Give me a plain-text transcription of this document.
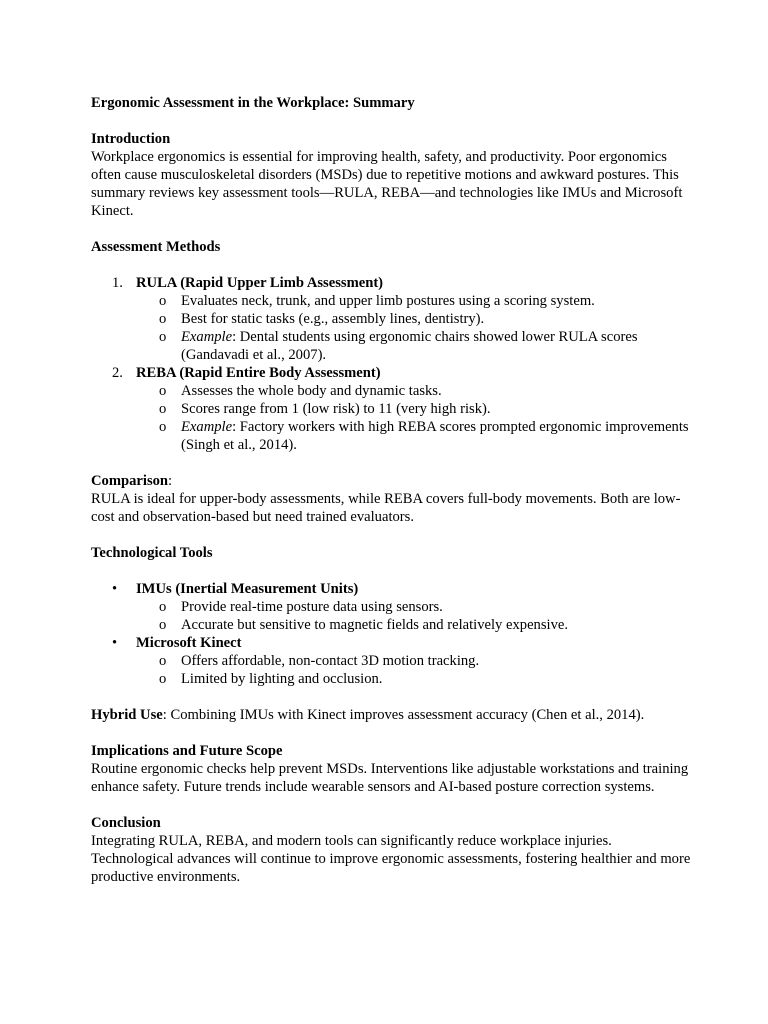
Ergonomic Assessment in the Workplace: Summary

Introduction

Workplace ergonomics is essential for improving health, safety, and productivity. Poor ergonomics often cause musculoskeletal disorders (MSDs) due to repetitive motions and awkward postures. This summary reviews key assessment tools—RULA, REBA—and technologies like IMUs and Microsoft Kinect.

Assessment Methods

1. RULA (Rapid Upper Limb Assessment)
o Evaluates neck, trunk, and upper limb postures using a scoring system.
o Best for static tasks (e.g., assembly lines, dentistry).
o Example: Dental students using ergonomic chairs showed lower RULA scores (Gandavadi et al., 2007).
2. REBA (Rapid Entire Body Assessment)
o Assesses the whole body and dynamic tasks.
o Scores range from 1 (low risk) to 11 (very high risk).
o Example: Factory workers with high REBA scores prompted ergonomic improvements (Singh et al., 2014).

Comparison:

RULA is ideal for upper-body assessments, while REBA covers full-body movements. Both are low-cost and observation-based but need trained evaluators.

Technological Tools

• IMUs (Inertial Measurement Units)
o Provide real-time posture data using sensors.
o Accurate but sensitive to magnetic fields and relatively expensive.
• Microsoft Kinect
o Offers affordable, non-contact 3D motion tracking.
o Limited by lighting and occlusion.

Hybrid Use: Combining IMUs with Kinect improves assessment accuracy (Chen et al., 2014).

Implications and Future Scope

Routine ergonomic checks help prevent MSDs. Interventions like adjustable workstations and training enhance safety. Future trends include wearable sensors and AI-based posture correction systems.

Conclusion

Integrating RULA, REBA, and modern tools can significantly reduce workplace injuries. Technological advances will continue to improve ergonomic assessments, fostering healthier and more productive environments.
